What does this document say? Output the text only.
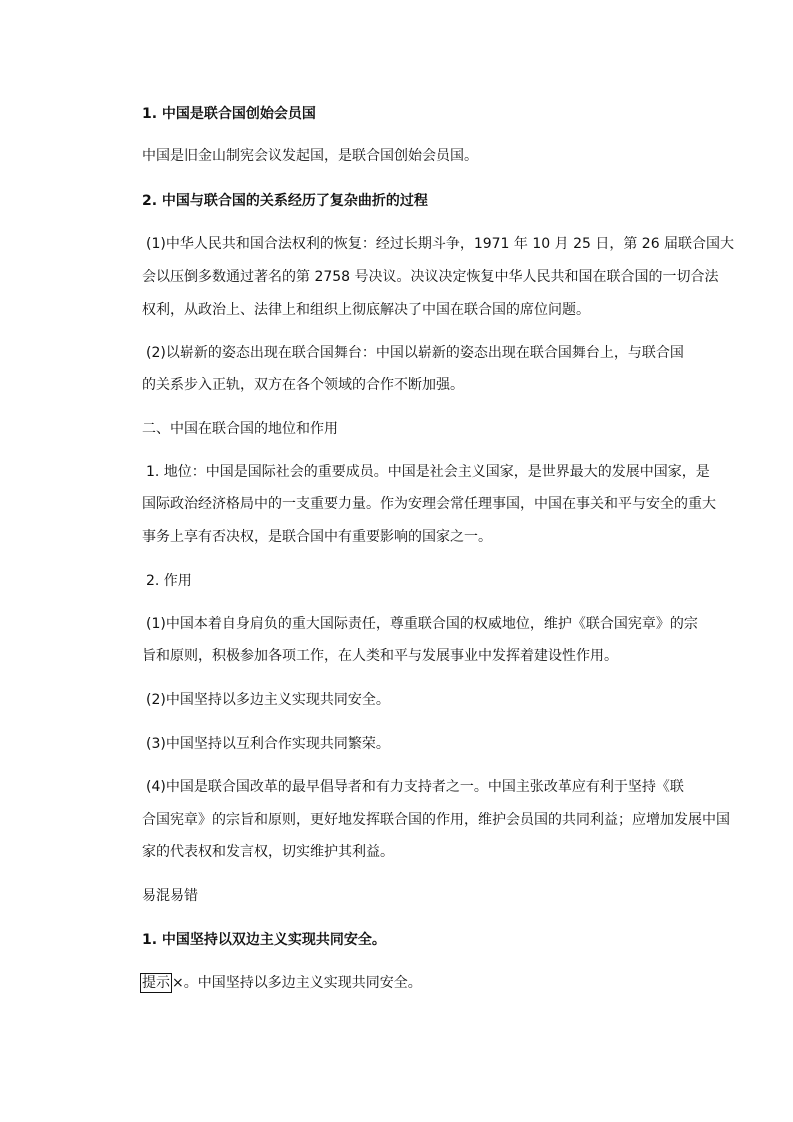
1. 中国是联合国创始会员国
中国是旧金山制宪会议发起国，是联合国创始会员国。
2. 中国与联合国的关系经历了复杂曲折的过程
(1)中华人民共和国合法权利的恢复：经过长期斗争，1971 年 10 月 25 日，第 26 届联合国大
会以压倒多数通过著名的第 2758 号决议。决议决定恢复中华人民共和国在联合国的一切合法
权利，从政治上、法律上和组织上彻底解决了中国在联合国的席位问题。
(2)以崭新的姿态出现在联合国舞台：中国以崭新的姿态出现在联合国舞台上，与联合国
的关系步入正轨，双方在各个领域的合作不断加强。
二、中国在联合国的地位和作用
1. 地位：中国是国际社会的重要成员。中国是社会主义国家，是世界最大的发展中国家，是
国际政治经济格局中的一支重要力量。作为安理会常任理事国，中国在事关和平与安全的重大
事务上享有否决权，是联合国中有重要影响的国家之一。
2. 作用
(1)中国本着自身肩负的重大国际责任，尊重联合国的权威地位，维护《联合国宪章》的宗
旨和原则，积极参加各项工作，在人类和平与发展事业中发挥着建设性作用。
(2)中国坚持以多边主义实现共同安全。
(3)中国坚持以互利合作实现共同繁荣。
(4)中国是联合国改革的最早倡导者和有力支持者之一。中国主张改革应有利于坚持《联
合国宪章》的宗旨和原则，更好地发挥联合国的作用，维护会员国的共同利益；应增加发展中国
家的代表权和发言权，切实维护其利益。
易混易错
1. 中国坚持以双边主义实现共同安全。
提示 ×。中国坚持以多边主义实现共同安全。
